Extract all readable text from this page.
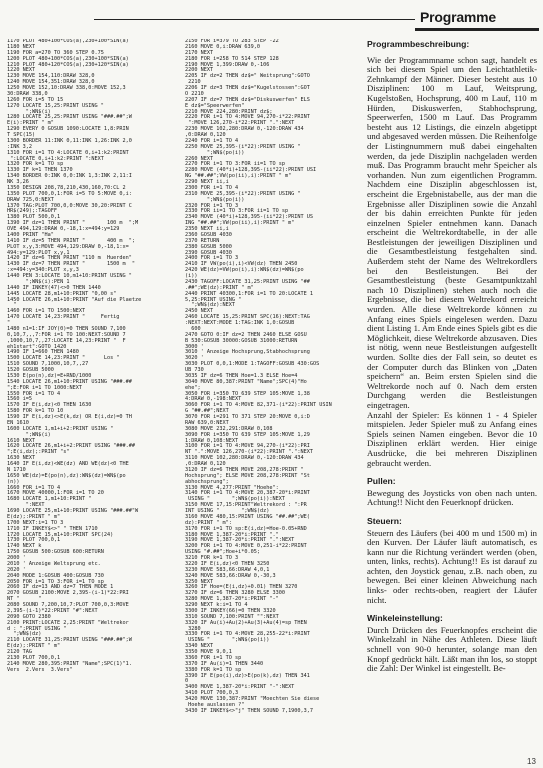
Programme
1170 PLOT 480+100*COS(a),230+100*SIN(a)
1180 NEXT
1190 FOR a=270 TO 360 STEP 0.75
1200 PLOT 480+100*COS(a),230+100*SIN(a)
1210 PLOT 480+120*COS(a),230+120*SIN(a)
1220 NEXT
1230 MOVE 154,110:DRAW 328,0
1240 MOVE 154,351:DRAW 328,0
1250 MOVE 152,10:DRAW 338,0:MOVE 152,3
30:DRAW 338,0
1260 FOR i=5 TO 15
1270 LOCATE 15,25:PRINT USING "
";WN$(i)
1280 LOCATE 25,25:PRINT USING "###.##";W
E(i):PRINT " m"
1290 EVERY 0 GOSUB 1090:LOCATE 1,8:PRIN
T SPC(15)
1300 BORDER 11:INK 0,11:INK 1,26:INK 2,0
:INK 3,2
1310 FOR i=1 TO 4:LOCATE 0,i+1:k2:PRINT
":LOCATE 0,i+1:k2:PRINT ":NEXT
1320 FOR k=1 TO sp
1330 IF k=1 THEN 1370
1340 BORDER 0:INK 0,0:INK 1,3:INK 2,11:I
NK 3,26
1350 DESIGN 208,78,210,430,160,70:CL 2
1350 PLOT 700,0,1:FOR i=5 TO 5:MOVE 0,i:
DRAW 725,0:NEXT
1370 TAG:PLOT 700,0,0:MOVE 30,20:PRINT C
HR$(249);:TAGOFF
1380 PLOT 500,0,1
1390 IF dz=1 THEN PRINT "       100 m  ";M
OVE 494,129:DRAW 0,-18,1:x=494:y=129
1400 PRINT "Ha"
1410 IF dz=5 THEN PRINT "       400 m  ";
PLOT x,y,3:MOVE 494,129:DRAW 0,-18,1:x=
494:y=129:PLOT x,y,1
1420 IF dz=6 THEN PRINT "110 m  Huerden"
1430 IF dz=7 THEN PRINT "       1500 m  "
:x=494:y=340:PLOT x,y,3
1440 PEN 3:LOCATE 10,m1+10:PRINT USING "
";WN$(i):PEN 1
1440 IF INKEY(47)<>0 THEN 1440
1445 LOCATE 28,m1+10:PRINT "0,00 s"
1450 LOCATE 26,m1+10:PRINT "Auf die Plaetze
"
1460 FOR i=1 TO 1500:NEXT
1470 LOCATE 14,23:PRINT "     Fertig
"
1480 n1=1:IF JOY(0)=0 THEN SOUND 7,100
0,10,7,,,7:FOR i=1 TO 100:NEXT:SOUND 7
,1000,10,7,,27:LOCATE 14,23:PRINT "  F
eh1start":GOTO 1420
1490 IF 1=660 THEN 1480
1500 LOCATE 14,23:PRINT "      Los "
1510 SOUND 7,1000,10,7,,27
1520 GOSUB 5000
1530 E(po(n),dz)=E+RND/1000
1540 LOCATE 26,m1+10:PRINT USING "###.##
";E:FOR i=1 TO 1000:NEXT
1550 FOR i=1 TO 4
1560 i=5
1570 IF E(i,dz)<0 THEN 1630
1580 FOR k=1 TO 10
1590 IF E(i,dz)<>E(k,dz) OR E(i,dz)=0 TH
EN 1610
1600 LOCATE 1,m1+i+2:PRINT USING "
";WN$(i)
1610 NEXT
1620 LOCATE 26,m1+i+2:PRINT USING "###.##
";E(i,dz);:PRINT "s"
1630 NEXT
1640 IF E(i,dz)<WE(dz) AND WE(dz)<0 THE
N 1710
1650 WE(dz)=E(po(n),dz):WN$(dz)=WN$(po
(n))
1660 FOR i=1 TO 4
1670 MOVE 40000,1:FOR i=1 TO 20
1680 LOCATE 1,m1+10:PRINT "
":NEXT
1690 LOCATE 25,m1+10:PRINT USING "###.##"W
E(dz);:PRINT " m"
1700 NEXT:i=1 TO 3
1710 IF INKEY$<>" " THEN 1710
1720 LOCATE 15,m1+10:PRINT SPC(24)
1730 PLOT 700,0,1
1740 NEXT k
1750 GOSUB 500:GOSUB 600:RETURN
2000 '
2010 ' Anzeige Weltsprung etc.
2020 '
2040 MODE 1:GOSUB 400:GOSUB 730
2050 FOR i=1 TO 3:FOR i=1 TO sp
2060 IF dz=13 AND dz=7 THEN MODE 1
2070 GOSUB 2100:MOVE 2,395-(i-1)*22:PRI
NT "      "
2080 SOUND 7,200,10,7:PLOT 700,0,3:MOVE
2,395-(i-1)*22:PRINT "#":NEXT
2090 GOTO 2380
2100 PRINT:LOCATE 2,25:PRINT "Weltrekor
d : ";PRINT USING "
";WN$(dz)
2110 LOCATE 31,25:PRINT USING "###.##";W
E(dz);:PRINT " m"
2120 TAG
2130 PLOT 700,0,1
2140 MOVE 280,395:PRINT "Name";SPC(1)"1.
Vers  2.Vers  3.Vers"
2150 FOR i=379 TO 283 STEP -22
2160 MOVE 0,i:DRAW 639,0
2170 NEXT
2180 FOR i=258 TO 514 STEP 128
2190 MOVE 1,399:DRAW 0,-106
2200 NEXT
2205 IF dz=2 THEN dz$=" Weitsprung":GOTO
2210
2206 IF dz=3 THEN dz$="Kugelstossen":GOT
O 2210
2207 IF dz=7 THEN dz$="Diskuswerfen" ELS
E dz$="Speerwerfen"
2210 MOVE 224,280:PRINT dz$;
2220 FOR i=1 TO 4:MOVE 94,270-i*22:PRINT
":MOVE 126,270-i*22:PRINT ".":NEXT
2230 MOVE 102,280:DRAW 0,-120:DRAW 434
,0:DRAW 0,120
2240 FOR i=1 TO 4
2250 MOVE 25,395-(i*22):PRINT USING "
";WN$(po(i))
2260 NEXT
2270 FOR i=1 TO 3:FOR ii=1 TO sp
2280 MOVE (40*i)+128,395-(ii*22):PRINT USI
NG "##.##";VW(po(ii),i):PRINT " m"
2290 NEXT ii,i
2300 FOR i=1 TO 4
2310 MOVE 25,395-(i*22):PRINT USING "
";WN$(po(i))
2320 FOR i=1 TO 3
2330 FOR ii=1 TO 3:FOR ii=1 TO sp
2340 MOVE (40*i)+128,395-(ii*22):PRINT US
ING "##.##";VW(po(ii),i):PRINT " m"
2350 NEXT ii,i
2360 GOSUB 4030
2370 RETURN
2380 GOSUB 5000
2390 GOSUB 4030
2400 FOR i=1 TO 3
2410 IF VW(po(i),i)<VW(dz) THEN 2450
2420 WE(dz)=VW(po(i),i):WN$(dz)=WN$(po
(i))
2430 TAGOFF:LOCATE 31,25:PRINT USING "##
.##";WE(dz):PRINT " m"
2440 PRINT 40300,1:FOR i=1 TO 20:LOCATE 1
5,25:PRINT USING "
";WN$(dz):NEXT
2450 NEXT
2460 LOCATE 15,25:PRINT SPC(16):NEXT:TAG
:NEXT:NEXT:MODE 1:TAG:INK 1,0:GOSUB
600
2470 GOTO 0:IF dz=2 THEN 2460 ELSE GOSU
B 530:GOSUB 30000:GOSUB 31000:RETURN
3000 '
3010 ' Anzeige Hochsprung,Stabhochsprung
3020 '
3030 PLOT 0,0,1:MODE 1:TAGOFF:GOSUB 430:GOS
UB 730
3035 IF dz=6 THEN Hoe=1.3 ELSE Hoe=4
3040 MOVE 80,387:PRINT "Name";SPC(4)"Ho
ehe";
3050 FOR i=350 TO 639 STEP 105:MOVE 1,38
4:DRAW 0,-198:NEXT
3060 FOR i=1 TO 4:MOVE 82,371-(i*22):PRINT USIN
G "##.##";NEXT
3070 FOR i=291 TO 371 STEP 20:MOVE 0,i:D
RAW 639,0:NEXT
3080 MOVE 232,291:DRAW 0,108
3090 FOR i=350 TO 639 STEP 105:MOVE 1,29
1:DRAW 0,108:NEXT
3100 FOR i=1 TO 4:MOVE 94,270-(i*22):PRI
NT ".":MOVE 126,270-(i*22):PRINT ".":NEXT
3110 MOVE 102,280:DRAW 0,-120:DRAW 434
,0:DRAW 0,120
3120 IF dz=6 THEN MOVE 208,278:PRINT "
Hochsprung"; ELSE MOVE 208,278:PRINT "St
abhochsprung";
3130 MOVE 4,277:PRINT "Hoehe":
3140 FOR i=1 TO 4:MOVE 20,387-20*i:PRINT
USING "       ";WN$(po(i)):NEXT
3150 MOVE 17,15:PRINT"Weltrekord : ":PR
INT USING "       ";WN$(dz)
3160 MOVE 480,15:PRINT USING "##.##";WE(
dz):PRINT " m":
3170 FOR i=1 TO sp:E(i,dz)=Hoe-0.05+RND
3180 MOVE 1,387-20*i:PRINT "."
3190 MOVE 1,387-20*i:PRINT ".":NEXT
3200 FOR i=1 TO 4:MOVE 0,251-i*22:PRINT
USING "#.##";Hoe+i*0.05;
3210 FOR k=1 TO 3
3220 IF E(i,dz)<0 THEN 3250
3230 MOVE 583,66:DRAW 4,0,1
3240 MOVE 583,66:DRAW 0,-30,3
3250 NEXT
3260 IF Hoe=(E(i,dz)+0.01) THEN 3270
3270 IF dz=6 THEN 3280 ELSE 3300
3280 MOVE 1,387-20*i:PRINT "-"
3290 NEXT k:i=1 TO 4
3300 IF INKEY(66)=0 THEN 3320
3310 SOUND 7,100:PRINT "":NEXT
3320 IF Au(i)+Au(2)+Au(3)+Au(4)=sp THEN
3280
3330 FOR i=1 TO 4:MOVE 28,255-22*i:PRINT
USING "       ";WN$(po(i))
3340 NEXT
3350 MOVE 9,0,1
3360 FOR i=1 TO sp
3370 IF Au(i)=1 THEN 3440
3380 FOR k=1 TO sp
3390 IF E(po(i),dz)>E(po(k),dz) THEN 341
0
3400 MOVE 1,387-20*i:PRINT "-":NEXT
3410 PLOT 700,0,3
3420 MOVE 130,387:PRINT "Moechten Sie diese
Hoehe auslassen ?"
3430 IF INKEY$<>"j" THEN SOUND 7,1900,3,7
Programmbeschreibung:
Wie der Programmname schon sagt, handelt es sich bei diesem Spiel um den Leichtathletik-Zehnkampf der Männer. Dieser besteht aus 10 Disziplinen: 100 m Lauf, Weitsprung, Kugelstoßen, Hochsprung, 400 m Lauf, 110 m Hürden, Diskuswerfen, Stabhochsprung, Speerwerfen, 1500 m Lauf. Das Programm besteht aus 12 Listings, die einzeln abgetippt und abgesaved werden müssen. Die Reihenfolge der Listingnummern muß dabei eingehalten werden, da jede Disziplin nachgeladen werden muß. Das Programm braucht mehr Speicher als vorhanden. Nun zum eigentlichen Programm. Nachdem eine Disziplin abgeschlossen ist, erscheint die Ergebnistabelle, aus der man die Ergebnisse aller Disziplinen sowie die Anzahl der bis dahin erreichten Punkte für jeden einzelnen Spieler entnehmen kann. Danach erscheint die Weltrekordtabelle, in der alle Bestleistungen der jeweiligen Disziplinen und die Gesamtbestleistung festgehalten sind. Außerdem steht der Name des Weltrekordlers bei den Bestleistungen. Bei der Gesamtbestleistung (beste Gesamtpunktzahl nach 10 Disziplinen) stehen auch noch die Ergebnisse, die bei diesem Weltrekord erreicht wurden. Alle diese Weltrekorde können zu Anfang eines Spiels eingelesen werden. Dazu dient Listing 1. Am Ende eines Spiels gibt es die Möglichkeit, diese Weltrekorde abzusaven. Dies ist nötig, wenn neue Bestleistungen aufgestellt wurden. Sollte dies der Fall sein, so deutet es der Computer durch das Blinken von „Daten speichern“ an. Beim ersten Spielen sind die Weltrekorde noch auf 0. Nach dem ersten Durchgang werden die Bestleistungen eingetragen.
Anzahl der Spieler: Es können 1 - 4 Spieler mitspielen. Jeder Spieler muß zu Anfang eines Spiels seinen Namen eingeben. Bevor die 10 Disziplinen erklärt werden. Hier einige Ausdrücke, die bei mehreren Disziplinen gebraucht werden.
Pullen:
Bewegung des Joysticks von oben nach unten. Achtung!! Nicht den Feuerknopf drücken.
Steuern:
Steuern des Läufers (bei 400 m und 1500 m) in den Kurven. Der Läufer läuft automatisch, es kann nur die Richtung verändert werden (oben, unten, links, rechts). Achtung!! Es ist darauf zu achten, den Joystick genau, z.B. nach oben, zu bewegen. Bei einer kleinen Abweichung nach links- oder rechts-oben, reagiert der Läufer nicht.
Winkeleinstellung:
Durch Drücken des Feuerknopfes erscheint die Winkelzahl in Nähe des Athleten. Diese läuft schnell von 90-0 herunter, solange man den Knopf gedrückt hält. Läßt man ihn los, so stoppt die Zahl: Der Winkel ist eingestellt. Be-
13
